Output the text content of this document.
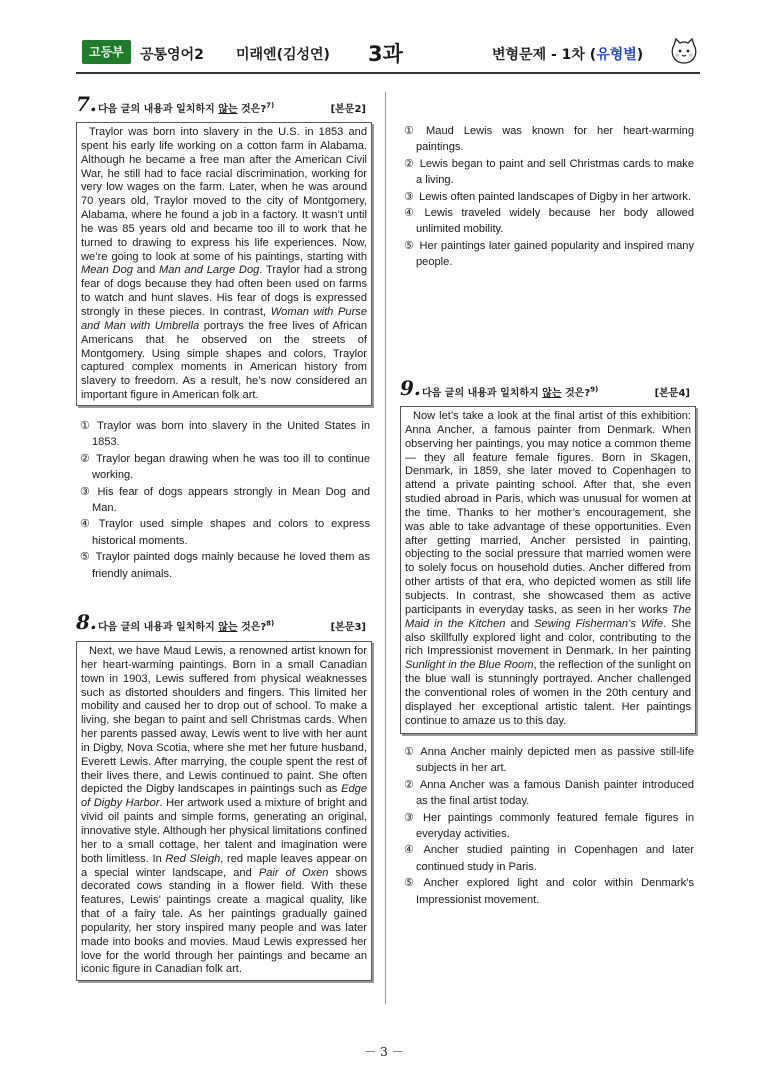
고등부	공통영어2 미래엔(김성연) 3과	변형문제 - 1차 (유형별)
7. 다음 글의 내용과 일치하지 않는 것은?$^{7)}$	[본문2]

Traylor was born into slavery in the U.S. in 1853 and spent his early life working on a cotton farm in Alabama. Although he became a free man after the American Civil War, he still had to face racial discrimination, working for very low wages on the farm. Later, when he was around 70 years old, Traylor moved to the city of Montgomery, Alabama, where he found a job in a factory. It wasn’t until he was 85 years old and became too ill to work that he turned to drawing to express his life experiences. Now, we’re going to look at some of his paintings, starting with Mean Dog and Man and Large Dog. Traylor had a strong fear of dogs because they had often been used on farms to watch and hunt slaves. His fear of dogs is expressed strongly in these pieces. In contrast, Woman with Purse and Man with Umbrella portrays the free lives of African Americans that he observed on the streets of Montgomery. Using simple shapes and colors, Traylor captured complex moments in American history from slavery to freedom. As a result, he’s now considered an important figure in American folk art.

① Traylor was born into slavery in the United States in 1853.
② Traylor began drawing when he was too ill to continue working.
③ His fear of dogs appears strongly in Mean Dog and Man.
④ Traylor used simple shapes and colors to express historical moments.
⑤ Traylor painted dogs mainly because he loved them as friendly animals.
8. 다음 글의 내용과 일치하지 않는 것은?$^{8)}$	[본문3]

Next, we have Maud Lewis, a renowned artist known for her heart-warming paintings. Born in a small Canadian town in 1903, Lewis suffered from physical weaknesses such as distorted shoulders and fingers. This limited her mobility and caused her to drop out of school. To make a living, she began to paint and sell Christmas cards. When her parents passed away, Lewis went to live with her aunt in Digby, Nova Scotia, where she met her future husband, Everett Lewis. After marrying, the couple spent the rest of their lives there, and Lewis continued to paint. She often depicted the Digby landscapes in paintings such as Edge of Digby Harbor. Her artwork used a mixture of bright and vivid oil paints and simple forms, generating an original, innovative style. Although her physical limitations confined her to a small cottage, her talent and imagination were both limitless. In Red Sleigh, red maple leaves appear on a special winter landscape, and Pair of Oxen shows decorated cows standing in a flower field. With these features, Lewis’ paintings create a magical quality, like that of a fairy tale. As her paintings gradually gained popularity, her story inspired many people and was later made into books and movies. Maud Lewis expressed her love for the world through her paintings and became an iconic figure in Canadian folk art.

① Maud Lewis was known for her heart-warming paintings.
② Lewis began to paint and sell Christmas cards to make a living.
③ Lewis often painted landscapes of Digby in her artwork.
④ Lewis traveled widely because her body allowed unlimited mobility.
⑤ Her paintings later gained popularity and inspired many people.
9. 다음 글의 내용과 일치하지 않는 것은?$^{9)}$	[본문4]

Now let’s take a look at the final artist of this exhibition: Anna Ancher, a famous painter from Denmark. When observing her paintings, you may notice a common theme — they all feature female figures. Born in Skagen, Denmark, in 1859, she later moved to Copenhagen to attend a private painting school. After that, she even studied abroad in Paris, which was unusual for women at the time. Thanks to her mother’s encouragement, she was able to take advantage of these opportunities. Even after getting married, Ancher persisted in painting, objecting to the social pressure that married women were to solely focus on household duties. Ancher differed from other artists of that era, who depicted women as still life subjects. In contrast, she showcased them as active participants in everyday tasks, as seen in her works The Maid in the Kitchen and Sewing Fisherman’s Wife. She also skillfully explored light and color, contributing to the rich Impressionist movement in Denmark. In her painting Sunlight in the Blue Room, the reflection of the sunlight on the blue wall is stunningly portrayed. Ancher challenged the conventional roles of women in the 20th century and displayed her exceptional artistic talent. Her paintings continue to amaze us to this day.

① Anna Ancher mainly depicted men as passive still-life subjects in her art.
② Anna Ancher was a famous Danish painter introduced as the final artist today.
③ Her paintings commonly featured female figures in everyday activities.
④ Ancher studied painting in Copenhagen and later continued study in Paris.
⑤ Ancher explored light and color within Denmark’s Impressionist movement.
－ 3 －
